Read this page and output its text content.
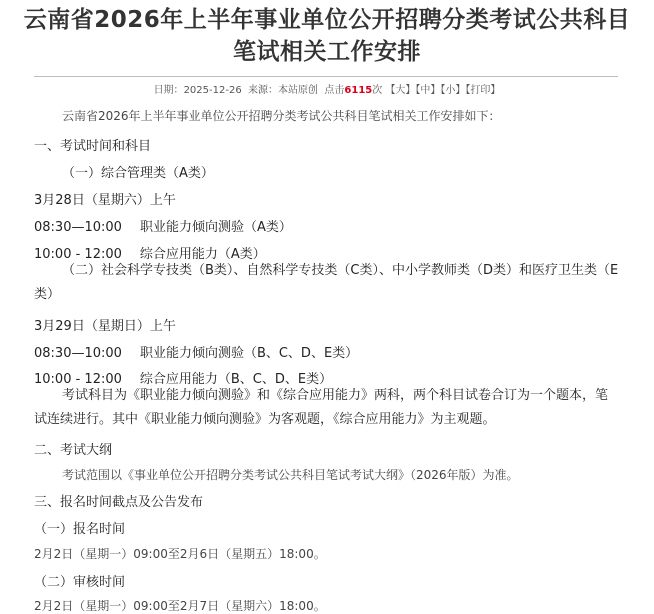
云南省2026年上半年事业单位公开招聘分类考试公共科目
笔试相关工作安排
日期：2025-12-26 来源：本站原创 点击6115次 【大】【中】【小】【打印】
云南省2026年上半年事业单位公开招聘分类考试公共科目笔试相关工作安排如下：
一、考试时间和科目
（一）综合管理类（A类）
3月28日（星期六）上午
08:30—10:00 职业能力倾向测验（A类）
10:00 - 12:00 综合应用能力（A类）
（二）社会科学专技类（B类）、自然科学专技类（C类）、中小学教师类（D类）和医疗卫生类（E类）
3月29日（星期日）上午
08:30—10:00 职业能力倾向测验（B、C、D、E类）
10:00 - 12:00 综合应用能力（B、C、D、E类）
考试科目为《职业能力倾向测验》和《综合应用能力》两科，两个科目试卷合订为一个题本，笔试连续进行。其中《职业能力倾向测验》为客观题，《综合应用能力》为主观题。
二、考试大纲
考试范围以《事业单位公开招聘分类考试公共科目笔试考试大纲》（2026年版）为准。
三、报名时间截点及公告发布
（一）报名时间
2月2日（星期一）09:00至2月6日（星期五）18:00。
（二）审核时间
2月2日（星期一）09:00至2月7日（星期六）18:00。
